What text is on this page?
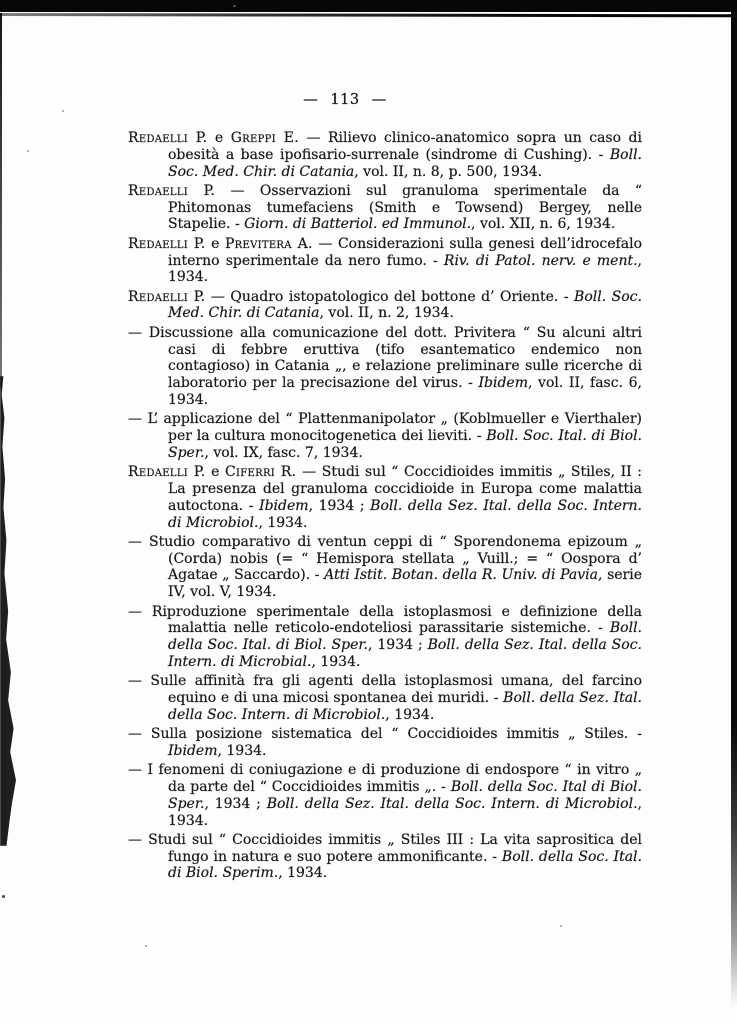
— 113 —

Redaelli P. e Greppi E. — Rilievo clinico-anatomico sopra un caso di obesità a base ipofisario-surrenale (sindrome di Cushing). - Boll. Soc. Med. Chir. di Catania, vol. II, n. 8, p. 500, 1934.

Redaelli P. — Osservazioni sul granuloma sperimentale da “ Phitomonas tumefaciens (Smith e Towsend) Bergey, nelle Stapelie. - Giorn. di Batteriol. ed Immunol., vol. XII, n. 6, 1934.

Redaelli P. e Previtera A. — Considerazioni sulla genesi dell’idrocefalo interno sperimentale da nero fumo. - Riv. di Patol. nerv. e ment., 1934.

Redaelli P. — Quadro istopatologico del bottone d’ Oriente. - Boll. Soc. Med. Chir. di Catania, vol. II, n. 2, 1934.

— Discussione alla comunicazione del dott. Privitera “ Su alcuni altri casi di febbre eruttiva (tifo esantematico endemico non contagioso) in Catania „, e relazione preliminare sulle ricerche di laboratorio per la precisazione del virus. - Ibidem, vol. II, fasc. 6, 1934.

— L’ applicazione del “ Plattenmanipolator „ (Koblmueller e Vierthaler) per la cultura monocitogenetica dei lieviti. - Boll. Soc. Ital. di Biol. Sper., vol. IX, fasc. 7, 1934.

Redaelli P. e Ciferri R. — Studi sul “ Coccidioides immitis „ Stiles, II : La presenza del granuloma coccidioide in Europa come malattia autoctona. - Ibidem, 1934 ; Boll. della Sez. Ital. della Soc. Intern. di Microbiol., 1934.

— Studio comparativo di ventun ceppi di “ Sporendonema epizoum „ (Corda) nobis (= “ Hemispora stellata „ Vuill.; = “ Oospora d’ Agatae „ Saccardo). - Atti Istit. Botan. della R. Univ. di Pavia, serie IV, vol. V, 1934.

— Riproduzione sperimentale della istoplasmosi e definizione della malattia nelle reticolo-endoteliosi parassitarie sistemiche. - Boll. della Soc. Ital. di Biol. Sper., 1934 ; Boll. della Sez. Ital. della Soc. Intern. di Microbial., 1934.

— Sulle affinità fra gli agenti della istoplasmosi umana, del farcino equino e di una micosi spontanea dei muridi. - Boll. della Sez. Ital. della Soc. Intern. di Microbiol., 1934.

— Sulla posizione sistematica del “ Coccidioides immitis „ Stiles. - Ibidem, 1934.

— I fenomeni di coniugazione e di produzione di endospore “ in vitro „ da parte del “ Coccidioides immitis „. - Boll. della Soc. Ital di Biol. Sper., 1934 ; Boll. della Sez. Ital. della Soc. Intern. di Microbiol., 1934.

— Studi sul “ Coccidioides immitis „ Stiles III : La vita saprositica del fungo in natura e suo potere ammonificante. - Boll. della Soc. Ital. di Biol. Sperim., 1934.
